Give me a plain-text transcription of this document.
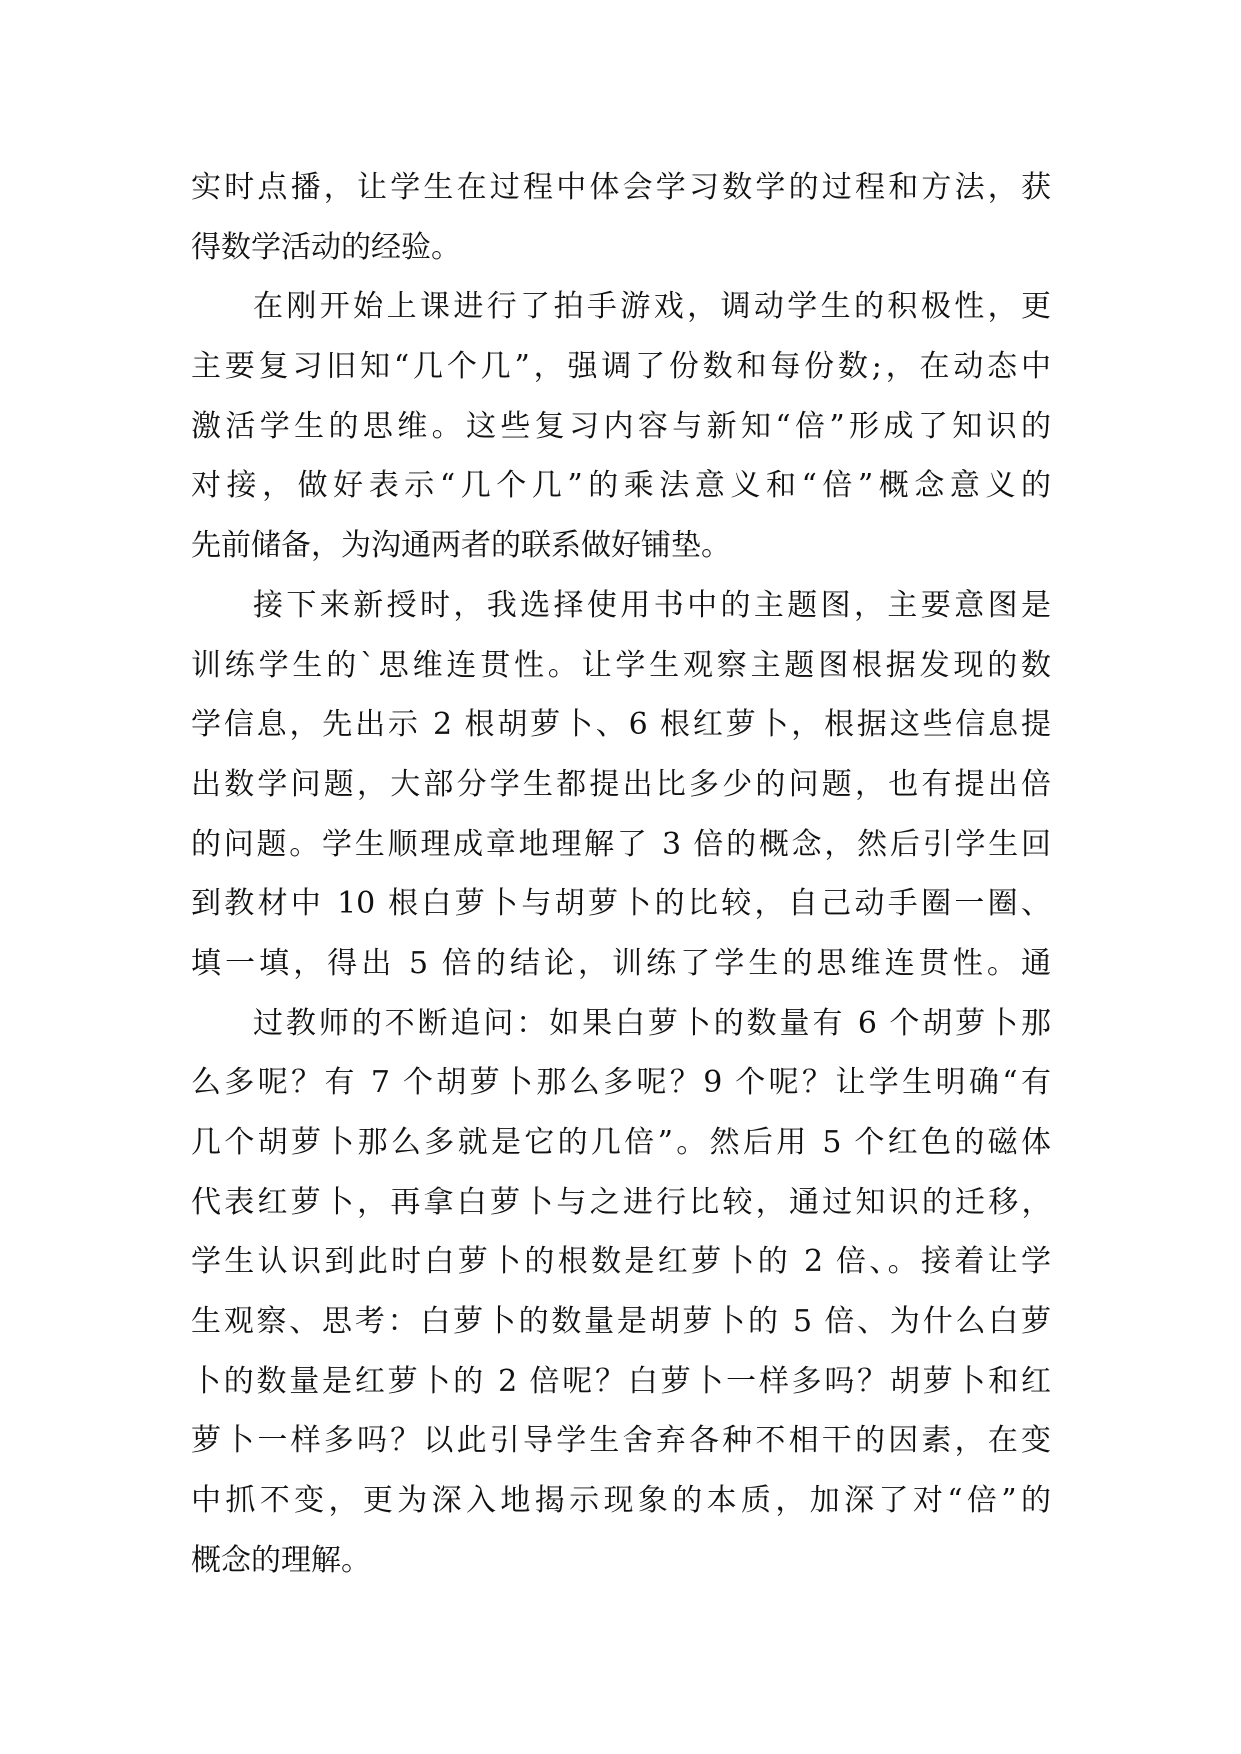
实时点播，让学生在过程中体会学习数学的过程和方法，获
得数学活动的经验。
在刚开始上课进行了拍手游戏，调动学生的积极性，更
主要复习旧知“几个几”，强调了份数和每份数;，在动态中
激活学生的思维。这些复习内容与新知“倍”形成了知识的
对接，做好表示“几个几”的乘法意义和“倍”概念意义的
先前储备，为沟通两者的联系做好铺垫。
接下来新授时，我选择使用书中的主题图，主要意图是
训练学生的`思维连贯性。让学生观察主题图根据发现的数
学信息，先出示 2 根胡萝卜、6 根红萝卜，根据这些信息提
出数学问题，大部分学生都提出比多少的问题，也有提出倍
的问题。学生顺理成章地理解了 3 倍的概念，然后引学生回
到教材中 10 根白萝卜与胡萝卜的比较，自己动手圈一圈、
填一填，得出 5 倍的结论，训练了学生的思维连贯性。通
过教师的不断追问：如果白萝卜的数量有 6 个胡萝卜那
么多呢？有 7 个胡萝卜那么多呢？9 个呢？让学生明确“有
几个胡萝卜那么多就是它的几倍”。然后用 5 个红色的磁体
代表红萝卜，再拿白萝卜与之进行比较，通过知识的迁移，
学生认识到此时白萝卜的根数是红萝卜的 2 倍、。接着让学
生观察、思考：白萝卜的数量是胡萝卜的 5 倍、为什么白萝
卜的数量是红萝卜的 2 倍呢？白萝卜一样多吗？胡萝卜和红
萝卜一样多吗？以此引导学生舍弃各种不相干的因素，在变
中抓不变，更为深入地揭示现象的本质，加深了对“倍”的
概念的理解。
